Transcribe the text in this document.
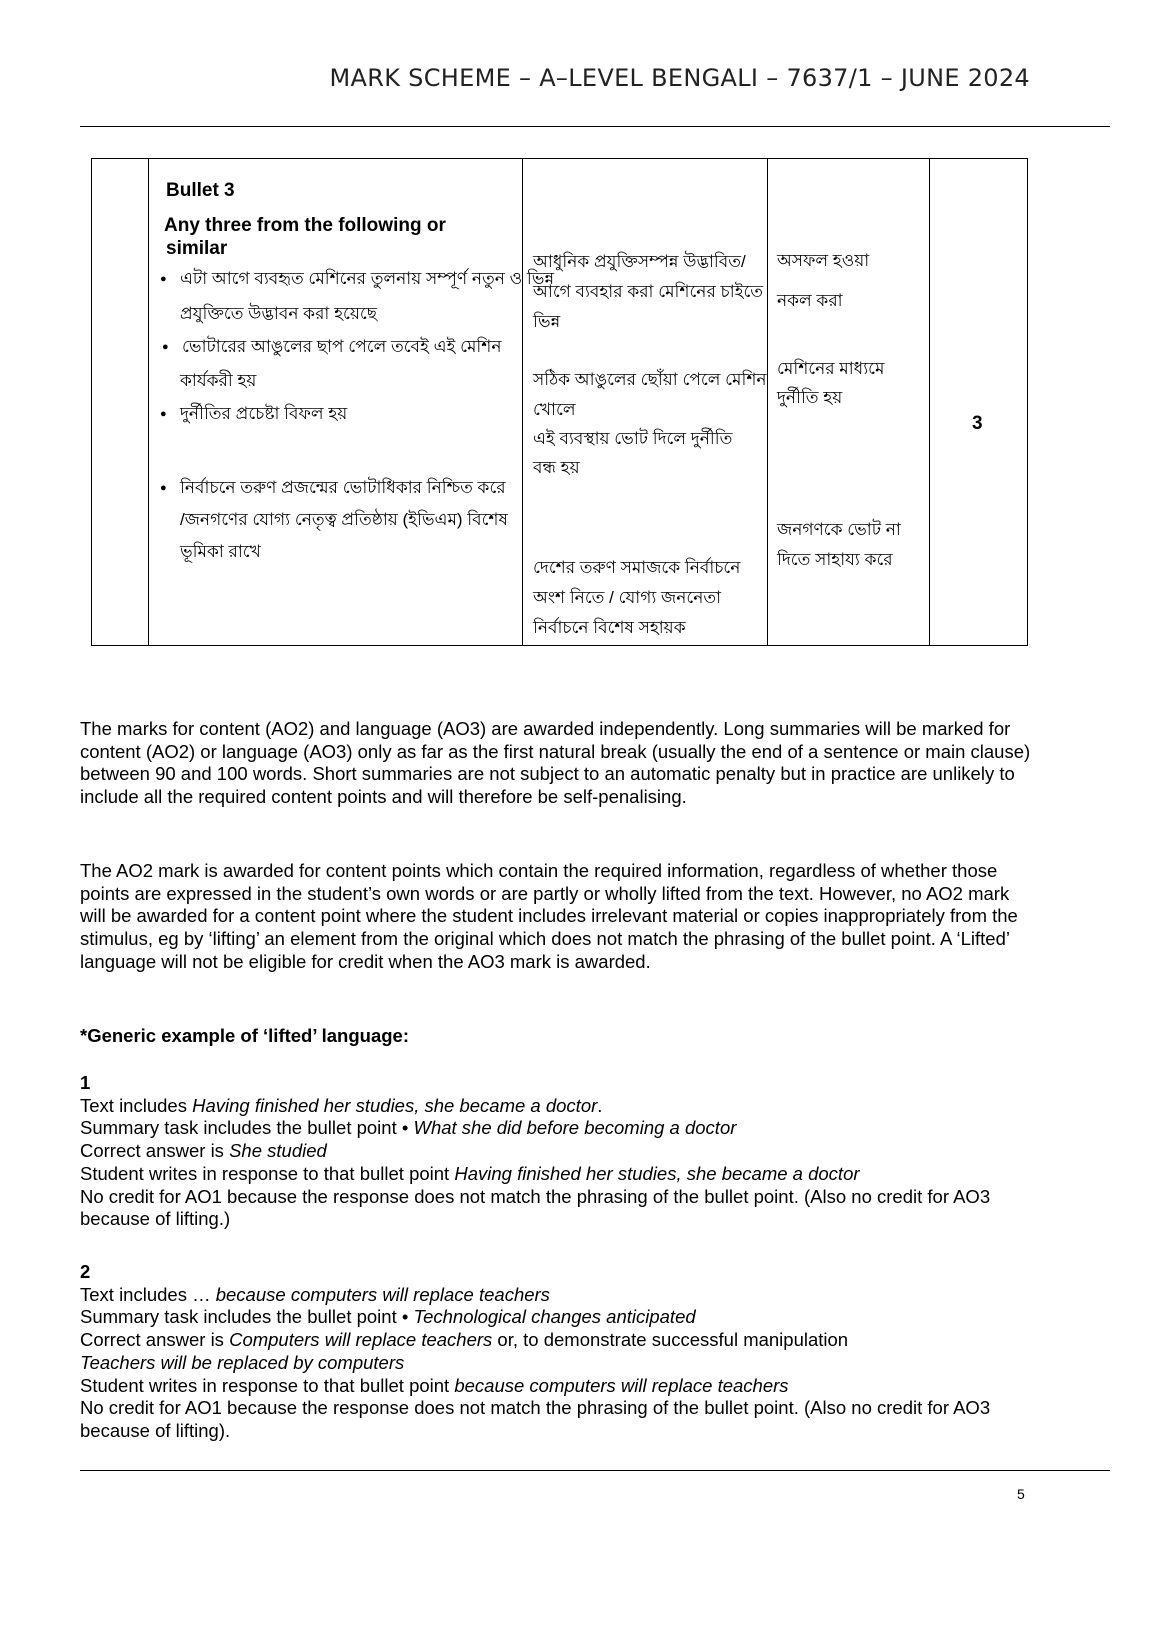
MARK SCHEME – A–LEVEL BENGALI – 7637/1 – JUNE 2024
Bullet 3
Any three from the following or
similar
● এটা আগে ব্যবহৃত মেশিনের তুলনায় সম্পূর্ণ নতুন ও ভিন্ন
প্রযুক্তিতে উদ্ভাবন করা হয়েছে
● ভোটারের আঙুলের ছাপ পেলে তবেই এই মেশিন
কার্যকরী হয়
● দুর্নীতির প্রচেষ্টা বিফল হয়
● নির্বাচনে তরুণ প্রজন্মের ভোটাধিকার নিশ্চিত করে
/জনগণের যোগ্য নেতৃত্ব প্রতিষ্ঠায় (ইভিএম) বিশেষ
ভূমিকা রাখে
আধুনিক প্রযুক্তিসম্পন্ন উদ্ভাবিত/
আগে ব্যবহার করা মেশিনের চাইতে
ভিন্ন
সঠিক আঙুলের ছোঁয়া পেলে মেশিন
খোলে
এই ব্যবস্থায় ভোট দিলে দুর্নীতি
বন্ধ হয়
দেশের তরুণ সমাজকে নির্বাচনে
অংশ নিতে / যোগ্য জননেতা
নির্বাচনে বিশেষ সহায়ক
অসফল হওয়া
নকল করা
মেশিনের মাধ্যমে
দুর্নীতি হয়
জনগণকে ভোট না
দিতে সাহায্য করে
3

The marks for content (AO2) and language (AO3) are awarded independently. Long summaries will be marked for content (AO2) or language (AO3) only as far as the first natural break (usually the end of a sentence or main clause) between 90 and 100 words. Short summaries are not subject to an automatic penalty but in practice are unlikely to include all the required content points and will therefore be self-penalising.

The AO2 mark is awarded for content points which contain the required information, regardless of whether those points are expressed in the student’s own words or are partly or wholly lifted from the text. However, no AO2 mark will be awarded for a content point where the student includes irrelevant material or copies inappropriately from the stimulus, eg by ‘lifting’ an element from the original which does not match the phrasing of the bullet point. A ‘Lifted’ language will not be eligible for credit when the AO3 mark is awarded.

*Generic example of ‘lifted’ language:

1

Text includes Having finished her studies, she became a doctor.

Summary task includes the bullet point • What she did before becoming a doctor

Correct answer is She studied

Student writes in response to that bullet point Having finished her studies, she became a doctor

No credit for AO1 because the response does not match the phrasing of the bullet point. (Also no credit for AO3 because of lifting.)

2

Text includes … because computers will replace teachers

Summary task includes the bullet point • Technological changes anticipated

Correct answer is Computers will replace teachers or, to demonstrate successful manipulation

Teachers will be replaced by computers

Student writes in response to that bullet point because computers will replace teachers

No credit for AO1 because the response does not match the phrasing of the bullet point. (Also no credit for AO3 because of lifting).

5
